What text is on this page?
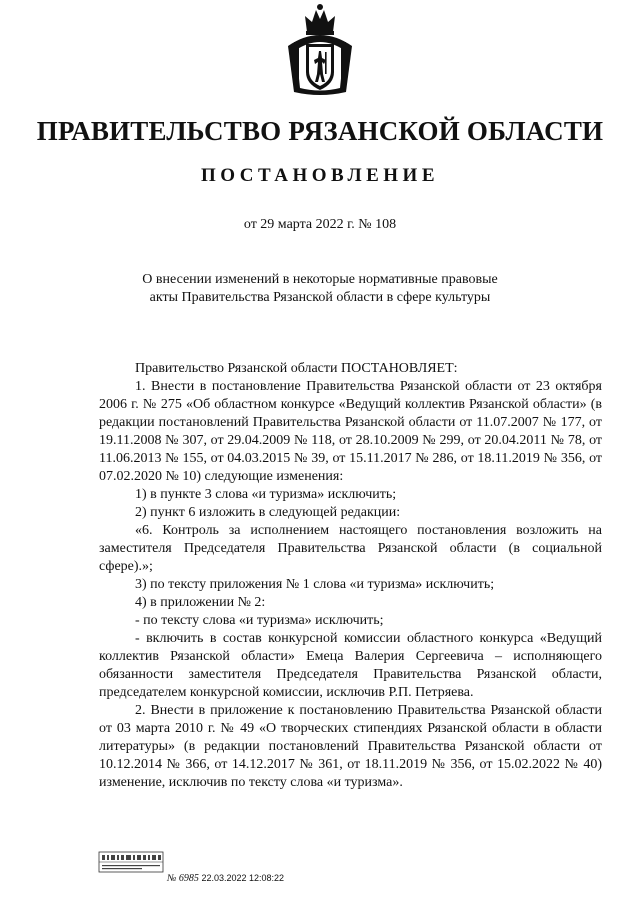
ПРАВИТЕЛЬСТВО РЯЗАНСКОЙ ОБЛАСТИ
ПОСТАНОВЛЕНИЕ
от 29 марта 2022 г. № 108
О внесении изменений в некоторые нормативные правовые
акты Правительства Рязанской области в сфере культуры

Правительство Рязанской области ПОСТАНОВЛЯЕТ:

1. Внести в постановление Правительства Рязанской области от 23 октября 2006 г. № 275 «Об областном конкурсе «Ведущий коллектив Рязанской области» (в редакции постановлений Правительства Рязанской области от 11.07.2007 № 177, от 19.11.2008 № 307, от 29.04.2009 № 118, от 28.10.2009 № 299, от 20.04.2011 № 78, от 11.06.2013 № 155, от 04.03.2015 № 39, от 15.11.2017 № 286, от 18.11.2019 № 356, от 07.02.2020 № 10) следующие изменения:

1) в пункте 3 слова «и туризма» исключить;

2) пункт 6 изложить в следующей редакции:

«6. Контроль за исполнением настоящего постановления возложить на заместителя Председателя Правительства Рязанской области (в социальной сфере).»;

3) по тексту приложения № 1 слова «и туризма» исключить;

4) в приложении № 2:

- по тексту слова «и туризма» исключить;

- включить в состав конкурсной комиссии областного конкурса «Ведущий коллектив Рязанской области» Емеца Валерия Сергеевича – исполняющего обязанности заместителя Председателя Правительства Рязанской области, председателем конкурсной комиссии, исключив Р.П. Петряева.

2. Внести в приложение к постановлению Правительства Рязанской области от 03 марта 2010 г. № 49 «О творческих стипендиях Рязанской области в области литературы» (в редакции постановлений Правительства Рязанской области от 10.12.2014 № 366, от 14.12.2017 № 361, от 18.11.2019 № 356, от 15.02.2022 № 40) изменение, исключив по тексту слова «и туризма».

№ 6985 22.03.2022 12:08:22
